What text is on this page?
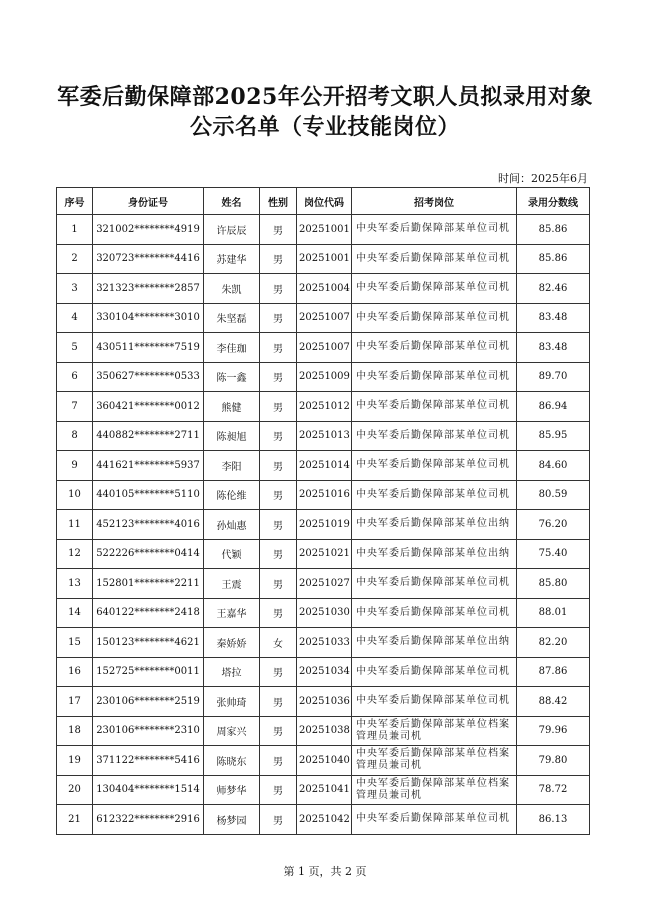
军委后勤保障部2025年公开招考文职人员拟录用对象
公示名单（专业技能岗位）
时间：2025年6月
序号	身份证号	姓名	性别	岗位代码	招考岗位	录用分数线
1	321002********4919	许辰辰	男	20251001	中央军委后勤保障部某单位司机	85.86
2	320723********4416	苏建华	男	20251001	中央军委后勤保障部某单位司机	85.86
3	321323********2857	朱凯	男	20251004	中央军委后勤保障部某单位司机	82.46
4	330104********3010	朱坚磊	男	20251007	中央军委后勤保障部某单位司机	83.48
5	430511********7519	李佳珈	男	20251007	中央军委后勤保障部某单位司机	83.48
6	350627********0533	陈一鑫	男	20251009	中央军委后勤保障部某单位司机	89.70
7	360421********0012	熊健	男	20251012	中央军委后勤保障部某单位司机	86.94
8	440882********2711	陈昶旭	男	20251013	中央军委后勤保障部某单位司机	85.95
9	441621********5937	李阳	男	20251014	中央军委后勤保障部某单位司机	84.60
10	440105********5110	陈伦维	男	20251016	中央军委后勤保障部某单位司机	80.59
11	452123********4016	孙灿惠	男	20251019	中央军委后勤保障部某单位出纳	76.20
12	522226********0414	代颖	男	20251021	中央军委后勤保障部某单位出纳	75.40
13	152801********2211	王震	男	20251027	中央军委后勤保障部某单位司机	85.80
14	640122********2418	王嘉华	男	20251030	中央军委后勤保障部某单位司机	88.01
15	150123********4621	秦娇娇	女	20251033	中央军委后勤保障部某单位出纳	82.20
16	152725********0011	塔拉	男	20251034	中央军委后勤保障部某单位司机	87.86
17	230106********2519	张帅琦	男	20251036	中央军委后勤保障部某单位司机	88.42
18	230106********2310	周家兴	男	20251038	中央军委后勤保障部某单位档案管理员兼司机	79.96
19	371122********5416	陈晓东	男	20251040	中央军委后勤保障部某单位档案管理员兼司机	79.80
20	130404********1514	师梦华	男	20251041	中央军委后勤保障部某单位档案管理员兼司机	78.72
21	612322********2916	杨梦园	男	20251042	中央军委后勤保障部某单位司机	86.13
第 1 页，共 2 页
